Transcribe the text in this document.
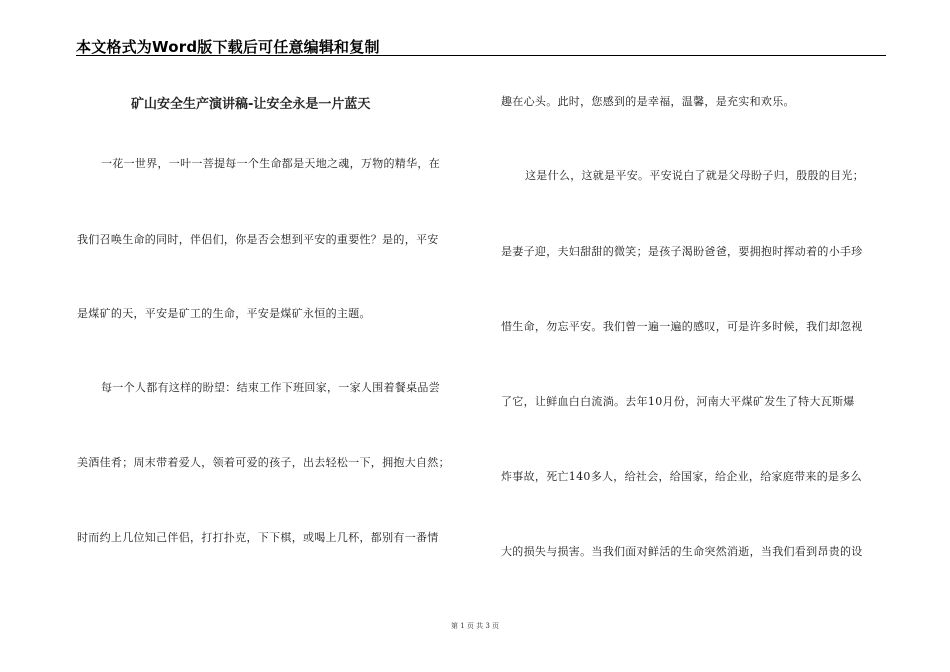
本文格式为Word版下载后可任意编辑和复制
矿山安全生产演讲稿-让安全永是一片蓝天
一花一世界，一叶一菩提每一个生命都是天地之魂，万物的精华，在
我们召唤生命的同时，伴侣们，你是否会想到平安的重要性？是的，平安
是煤矿的天，平安是矿工的生命，平安是煤矿永恒的主题。
每一个人都有这样的盼望：结束工作下班回家，一家人围着餐桌品尝
美酒佳肴；周末带着爱人，领着可爱的孩子，出去轻松一下，拥抱大自然；
时而约上几位知己伴侣，打打扑克，下下棋，或喝上几杯，都别有一番情
趣在心头。此时，您感到的是幸福，温馨，是充实和欢乐。
这是什么，这就是平安。平安说白了就是父母盼子归，殷殷的目光；
是妻子迎，夫妇甜甜的微笑；是孩子渴盼爸爸，要拥抱时挥动着的小手珍
惜生命，勿忘平安。我们曾一遍一遍的感叹，可是许多时候，我们却忽视
了它，让鲜血白白流淌。去年10月份，河南大平煤矿发生了特大瓦斯爆
炸事故，死亡140多人，给社会，给国家，给企业，给家庭带来的是多么
大的损失与损害。当我们面对鲜活的生命突然消逝，当我们看到昂贵的设
第 1 页 共 3 页
